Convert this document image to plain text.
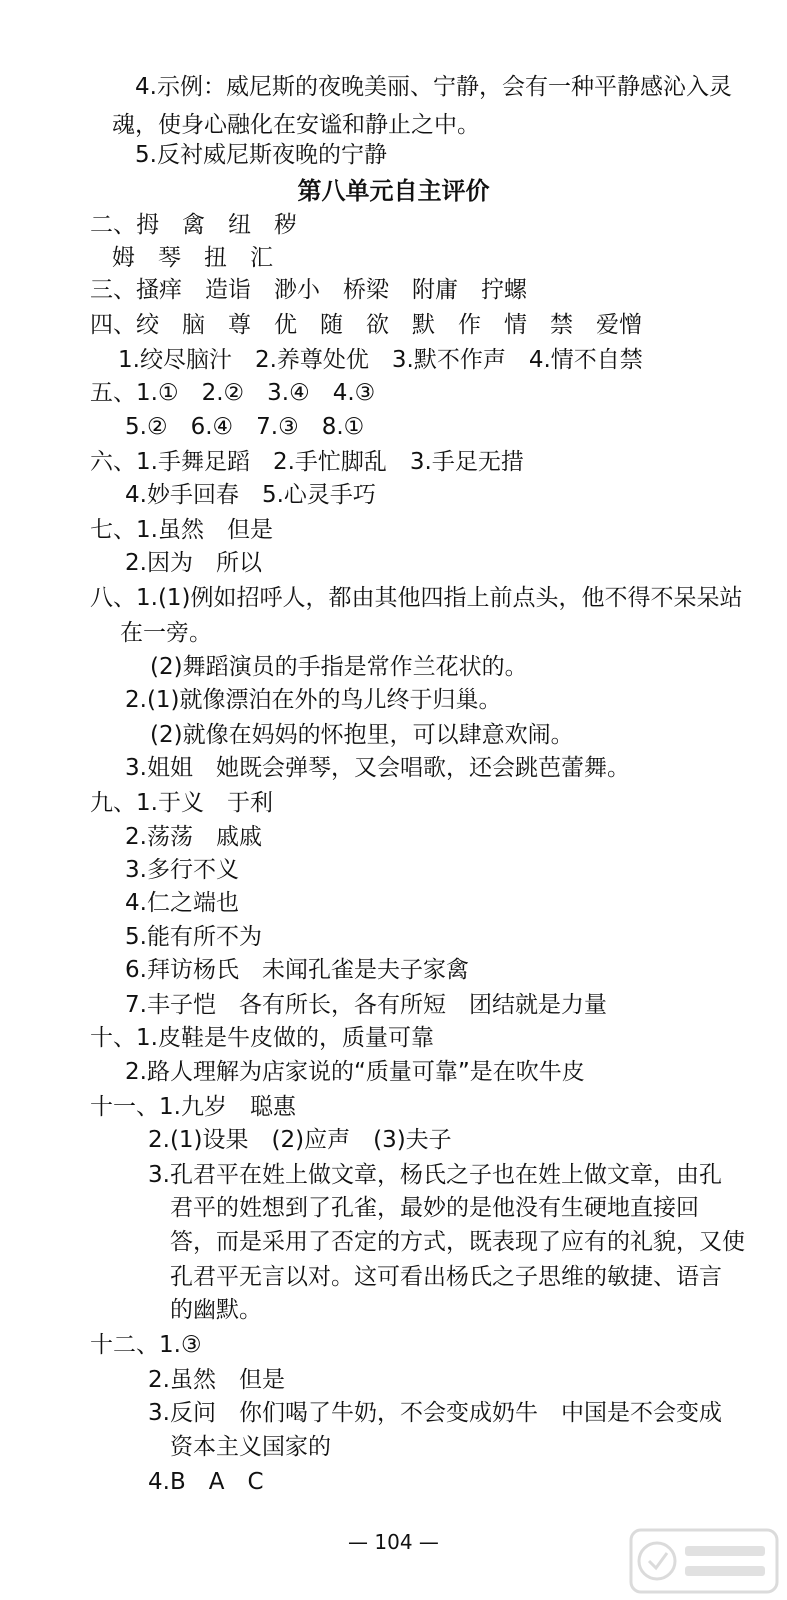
4.示例：威尼斯的夜晚美丽、宁静，会有一种平静感沁入灵
魂，使身心融化在安谧和静止之中。
5.反衬威尼斯夜晚的宁静
第八单元自主评价
二、拇　禽　纽　秽
姆　琴　扭　汇
三、搔痒　造诣　渺小　桥梁　附庸　拧螺
四、绞　脑　尊　优　随　欲　默　作　情　禁　爱憎
1.绞尽脑汁　2.养尊处优　3.默不作声　4.情不自禁
五、1.①　2.②　3.④　4.③
5.②　6.④　7.③　8.①
六、1.手舞足蹈　2.手忙脚乱　3.手足无措
4.妙手回春　5.心灵手巧
七、1.虽然　但是
2.因为　所以
八、1.(1)例如招呼人，都由其他四指上前点头，他不得不呆呆站
在一旁。
(2)舞蹈演员的手指是常作兰花状的。
2.(1)就像漂泊在外的鸟儿终于归巢。
(2)就像在妈妈的怀抱里，可以肆意欢闹。
3.姐姐　她既会弹琴，又会唱歌，还会跳芭蕾舞。
九、1.于义　于利
2.荡荡　戚戚
3.多行不义
4.仁之端也
5.能有所不为
6.拜访杨氏　未闻孔雀是夫子家禽
7.丰子恺　各有所长，各有所短　团结就是力量
十、1.皮鞋是牛皮做的，质量可靠
2.路人理解为店家说的“质量可靠”是在吹牛皮
十一、1.九岁　聪惠
2.(1)设果　(2)应声　(3)夫子
3.孔君平在姓上做文章，杨氏之子也在姓上做文章，由孔
君平的姓想到了孔雀，最妙的是他没有生硬地直接回
答，而是采用了否定的方式，既表现了应有的礼貌，又使
孔君平无言以对。这可看出杨氏之子思维的敏捷、语言
的幽默。
十二、1.③
2.虽然　但是
3.反问　你们喝了牛奶，不会变成奶牛　中国是不会变成
资本主义国家的
4.B　A　C
— 104 —
